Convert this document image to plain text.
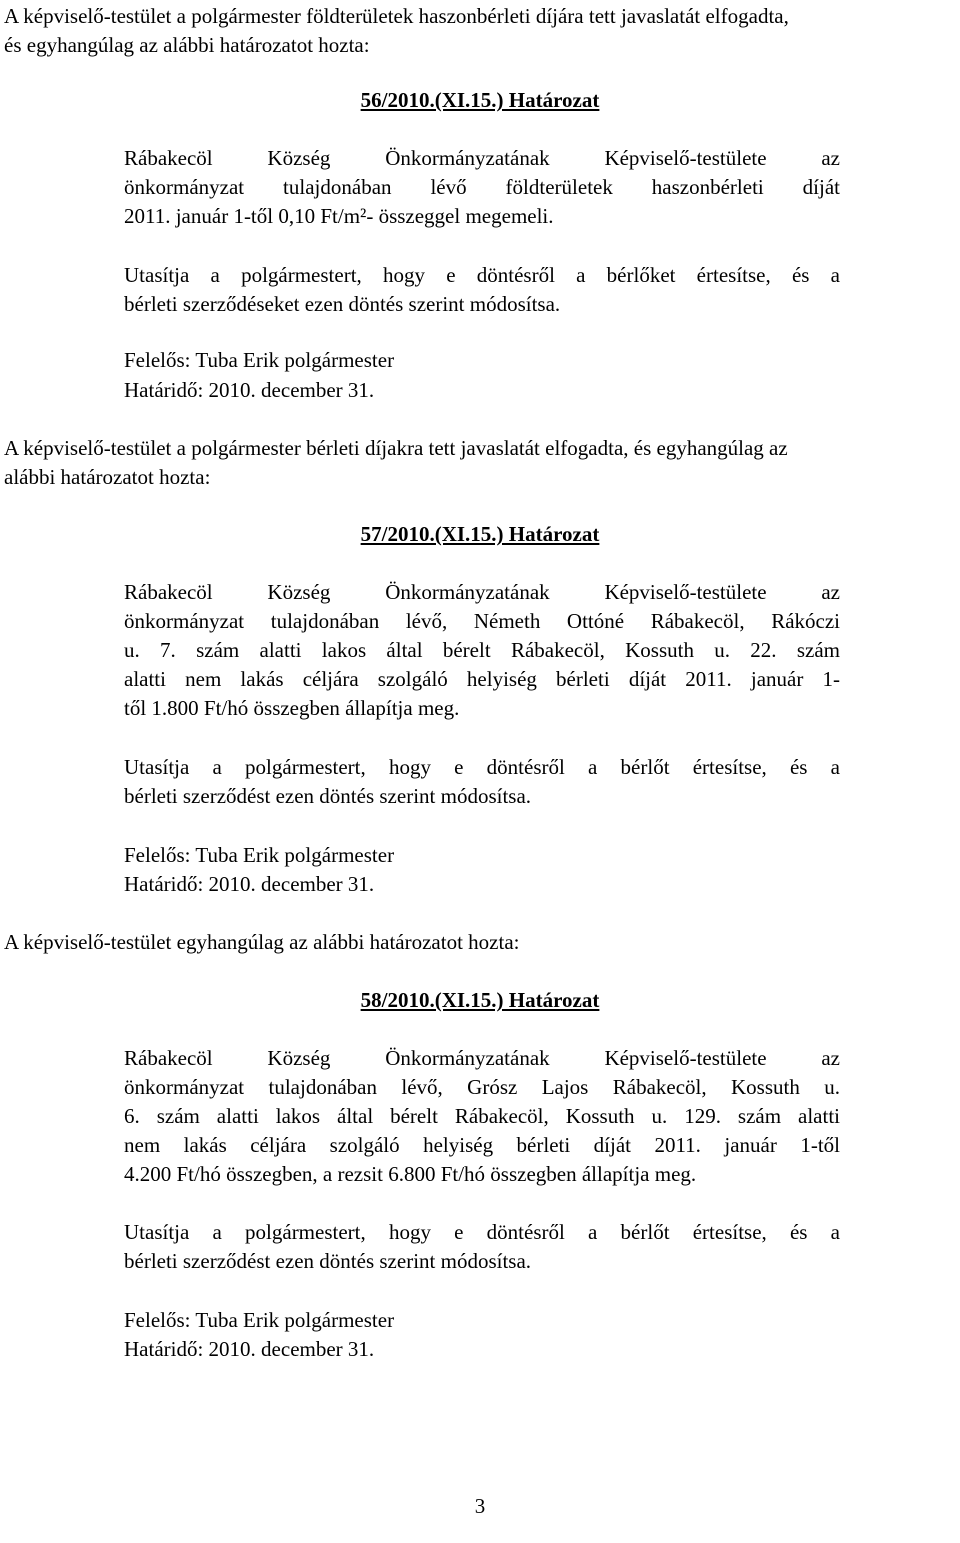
A képviselő-testület a polgármester földterületek haszonbérleti díjára tett javaslatát elfogadta,
és egyhangúlag az alábbi határozatot hozta:

56/2010.(XI.15.) Határozat

Rábakecöl Község Önkormányzatának Képviselő-testülete az
önkormányzat tulajdonában lévő földterületek haszonbérleti díját
2011. január 1-től 0,10 Ft/m²- összeggel megemeli.

Utasítja a polgármestert, hogy e döntésről a bérlőket értesítse, és a
bérleti szerződéseket ezen döntés szerint módosítsa.

Felelős: Tuba Erik polgármester

Határidő: 2010. december 31.

A képviselő-testület a polgármester bérleti díjakra tett javaslatát elfogadta, és egyhangúlag az
alábbi határozatot hozta:

57/2010.(XI.15.) Határozat

Rábakecöl Község Önkormányzatának Képviselő-testülete az
önkormányzat tulajdonában lévő, Németh Ottóné Rábakecöl, Rákóczi
u. 7. szám alatti lakos által bérelt Rábakecöl, Kossuth u. 22. szám
alatti nem lakás céljára szolgáló helyiség bérleti díját 2011. január 1-
től 1.800 Ft/hó összegben állapítja meg.

Utasítja a polgármestert, hogy e döntésről a bérlőt értesítse, és a
bérleti szerződést ezen döntés szerint módosítsa.

Felelős: Tuba Erik polgármester

Határidő: 2010. december 31.

A képviselő-testület egyhangúlag az alábbi határozatot hozta:

58/2010.(XI.15.) Határozat

Rábakecöl Község Önkormányzatának Képviselő-testülete az
önkormányzat tulajdonában lévő, Grósz Lajos Rábakecöl, Kossuth u.
6. szám alatti lakos által bérelt Rábakecöl, Kossuth u. 129. szám alatti
nem lakás céljára szolgáló helyiség bérleti díját 2011. január 1-től
4.200 Ft/hó összegben, a rezsit 6.800 Ft/hó összegben állapítja meg.

Utasítja a polgármestert, hogy e döntésről a bérlőt értesítse, és a
bérleti szerződést ezen döntés szerint módosítsa.

Felelős: Tuba Erik polgármester

Határidő: 2010. december 31.

3
